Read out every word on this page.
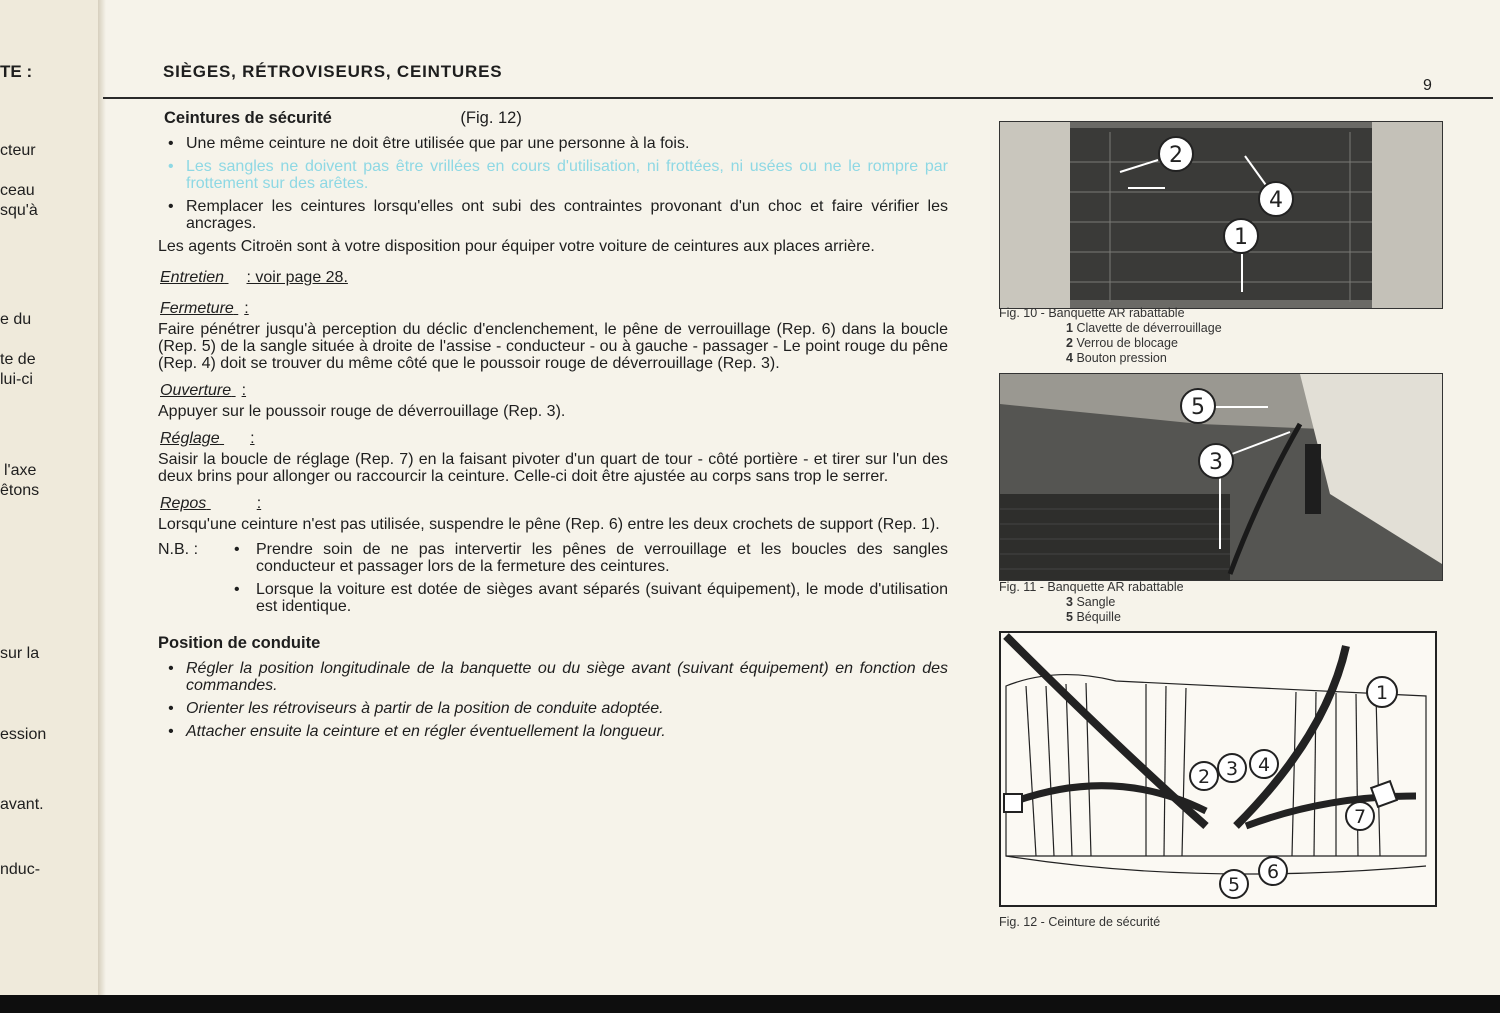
TE :
cteur
ceau
squ'à
e du
te de
lui-ci
l'axe
êtons
sur la
ession
avant.
nduc-
SIÈGES, RÉTROVISEURS, CEINTURES
9
Ceintures de sécurité	(Fig. 12)
• Une même ceinture ne doit être utilisée que par une personne à la fois.
• Les sangles ne doivent pas être vrillées en cours d'utilisation, ni frottées, ni usées ou ne le rompre par frottement sur des arêtes.
• Remplacer les ceintures lorsqu'elles ont subi des contraintes provonant d'un choc et faire vérifier les ancrages.
Les agents Citroën sont à votre disposition pour équiper votre voiture de ceintures aux places arrière.
Entretien : voir page 28.
Fermeture :
Faire pénétrer jusqu'à perception du déclic d'enclenchement, le pêne de verrouillage (Rep. 6) dans la boucle (Rep. 5) de la sangle située à droite de l'assise - conducteur - ou à gauche - passager - Le point rouge du pêne (Rep. 4) doit se trouver du même côté que le poussoir rouge de déverrouillage (Rep. 3).
Ouverture :
Appuyer sur le poussoir rouge de déverrouillage (Rep. 3).
Réglage :
Saisir la boucle de réglage (Rep. 7) en la faisant pivoter d'un quart de tour - côté portière - et tirer sur l'un des deux brins pour allonger ou raccourcir la ceinture. Celle-ci doit être ajustée au corps sans trop le serrer.
Repos	:
Lorsqu'une ceinture n'est pas utilisée, suspendre le pêne (Rep. 6) entre les deux crochets de support (Rep. 1).
N.B. :
•	Prendre soin de ne pas intervertir les pênes de verrouillage et les boucles des sangles conducteur et passager lors de la fermeture des ceintures.
• Lorsque la voiture est dotée de sièges avant séparés (suivant équipement), le mode d'utilisation est identique.
Position de conduite
• Régler la position longitudinale de la banquette ou du siège avant (suivant équipement) en fonction des commandes.
• Orienter les rétroviseurs à partir de la position de conduite adoptée.
• Attacher ensuite la ceinture et en régler éventuellement la longueur.
2
4
1
Fig. 10 - Banquette AR rabattable
1 Clavette de déverrouillage
2 Verrou de blocage
4 Bouton pression
5
3
Fig. 11 - Banquette AR rabattable
3 Sangle
5 Béquille
1
2 3 4
7
5
6
Fig. 12 - Ceinture de sécurité
